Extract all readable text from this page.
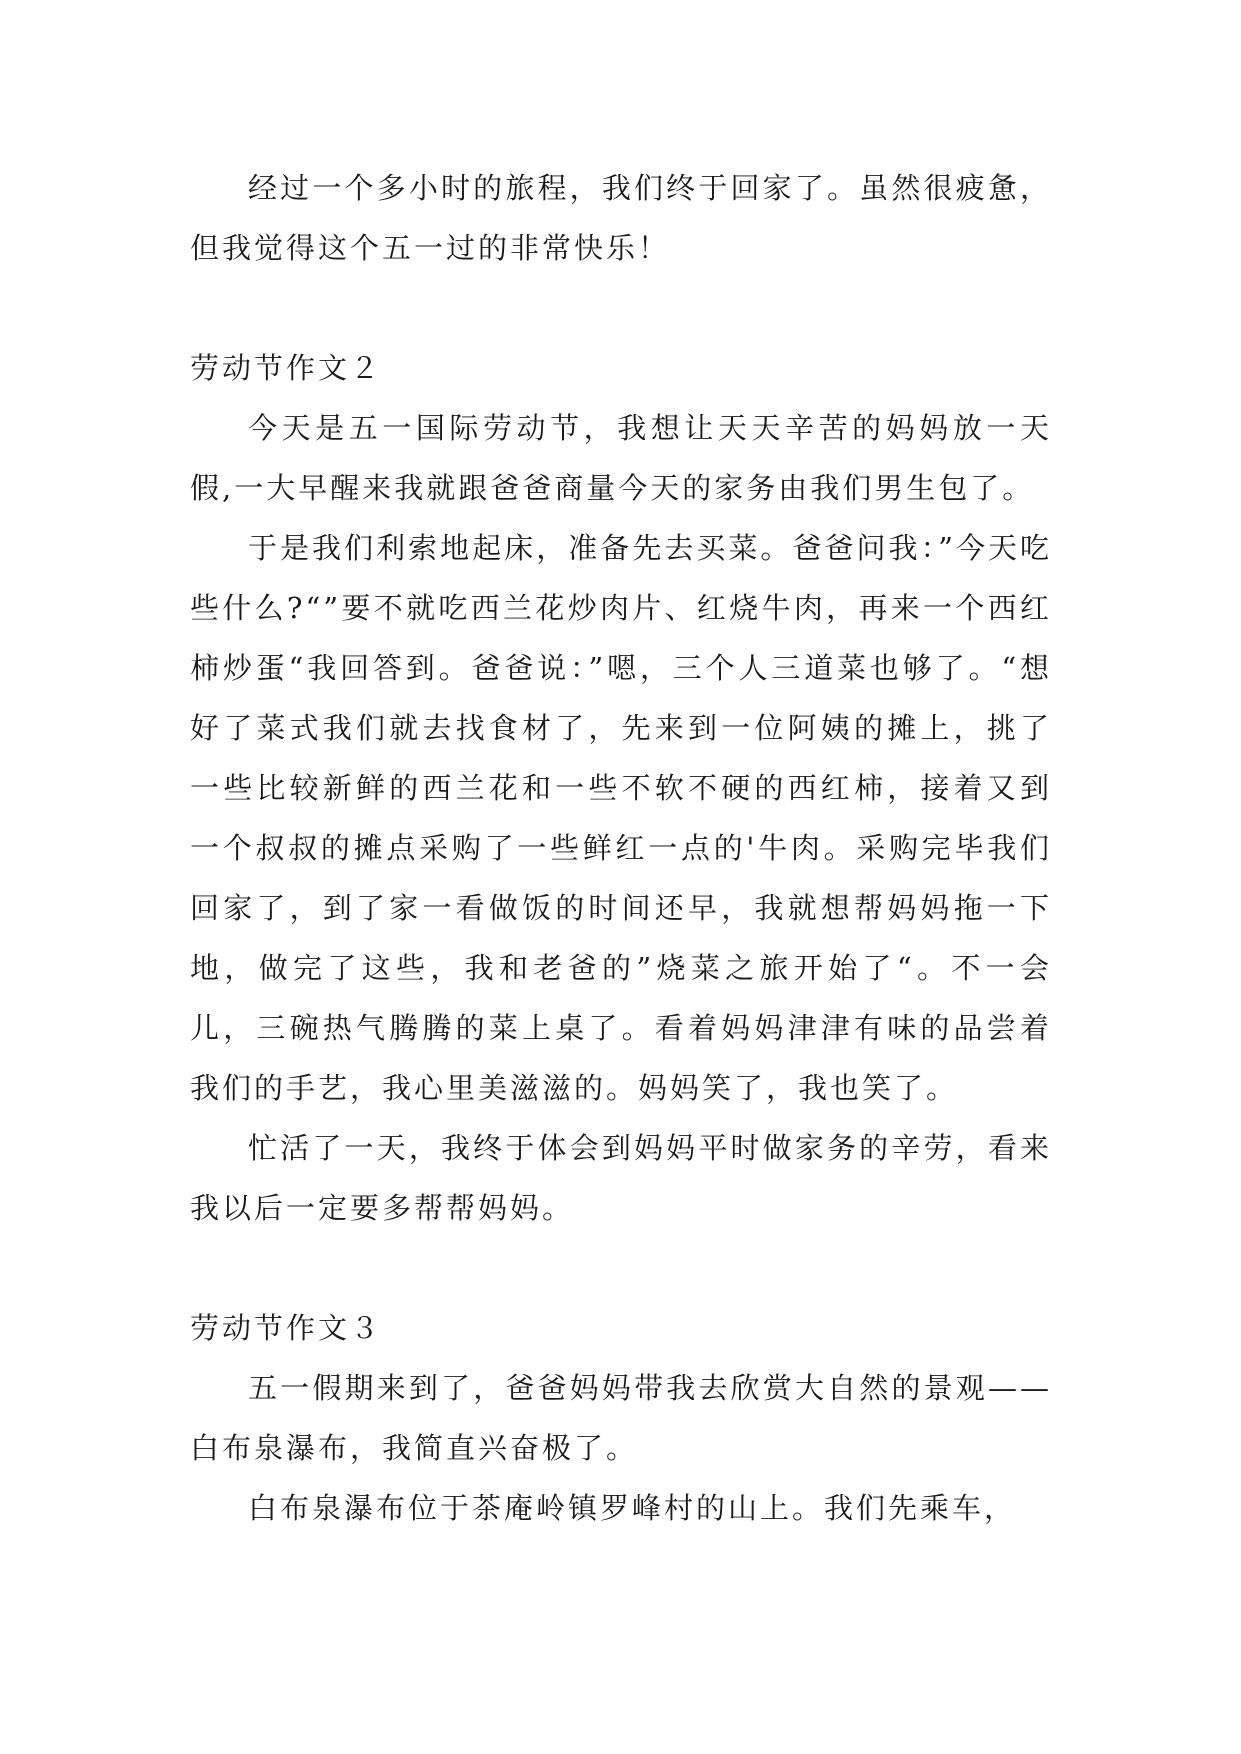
经过一个多小时的旅程，我们终于回家了。虽然很疲惫，但我觉得这个五一过的非常快乐！

劳动节作文２

今天是五一国际劳动节，我想让天天辛苦的妈妈放一天假,一大早醒来我就跟爸爸商量今天的家务由我们男生包了。

于是我们利索地起床，准备先去买菜。爸爸问我：”今天吃些什么?“”要不就吃西兰花炒肉片、红烧牛肉，再来一个西红柿炒蛋“我回答到。爸爸说：”嗯，三个人三道菜也够了。“想好了菜式我们就去找食材了，先来到一位阿姨的摊上，挑了一些比较新鲜的西兰花和一些不软不硬的西红柿，接着又到一个叔叔的摊点采购了一些鲜红一点的'牛肉。采购完毕我们回家了，到了家一看做饭的时间还早，我就想帮妈妈拖一下地，做完了这些，我和老爸的”烧菜之旅开始了“。不一会儿，三碗热气腾腾的菜上桌了。看着妈妈津津有味的品尝着我们的手艺，我心里美滋滋的。妈妈笑了，我也笑了。

忙活了一天，我终于体会到妈妈平时做家务的辛劳，看来我以后一定要多帮帮妈妈。

劳动节作文３

五一假期来到了，爸爸妈妈带我去欣赏大自然的景观——白布泉瀑布，我简直兴奋极了。

白布泉瀑布位于茶庵岭镇罗峰村的山上。我们先乘车，
